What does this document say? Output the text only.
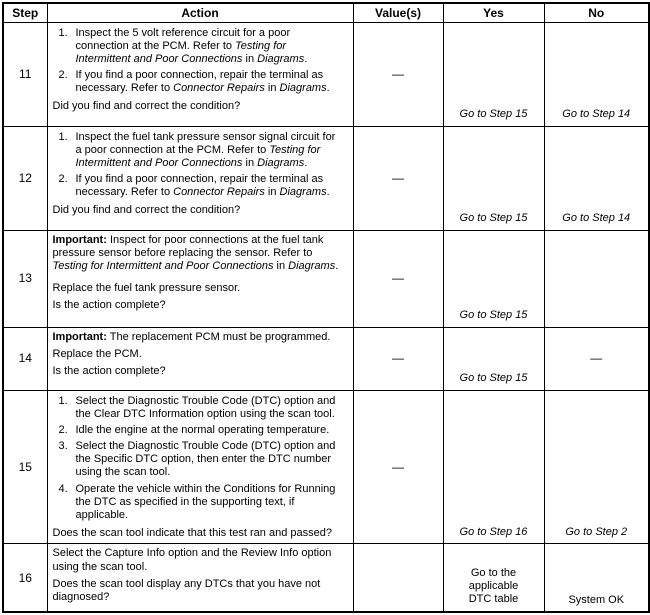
Step	Action	Value(s)	Yes	No
11	1. Inspect the 5 volt reference circuit for a poor connection at the PCM. Refer to Testing for Intermittent and Poor Connections in Diagrams.
2. If you find a poor connection, repair the terminal as necessary. Refer to Connector Repairs in Diagrams.
Did you find and correct the condition?	—	Go to Step 15	Go to Step 14
12	1. Inspect the fuel tank pressure sensor signal circuit for a poor connection at the PCM. Refer to Testing for Intermittent and Poor Connections in Diagrams.
2. If you find a poor connection, repair the terminal as necessary. Refer to Connector Repairs in Diagrams.
Did you find and correct the condition?	—	Go to Step 15	Go to Step 14
13	Important: Inspect for poor connections at the fuel tank pressure sensor before replacing the sensor. Refer to Testing for Intermittent and Poor Connections in Diagrams.
Replace the fuel tank pressure sensor.
Is the action complete?	—	Go to Step 15	
14	Important: The replacement PCM must be programmed.
Replace the PCM.
Is the action complete?	—	Go to Step 15	—
15	
1. Select the Diagnostic Trouble Code (DTC) option and the Clear DTC Information option using the scan tool.
2. Idle the engine at the normal operating temperature.
3. Select the Diagnostic Trouble Code (DTC) option and the Specific DTC option, then enter the DTC number using the scan tool.
4. Operate the vehicle within the Conditions for Running the DTC as specified in the supporting text, if applicable.
Does the scan tool indicate that this test ran and passed?
	—	Go to Step 16	Go to Step 2
16	Select the Capture Info option and the Review Info option using the scan tool.
Does the scan tool display any DTCs that you have not diagnosed?		Go to the applicable DTC table	System OK
